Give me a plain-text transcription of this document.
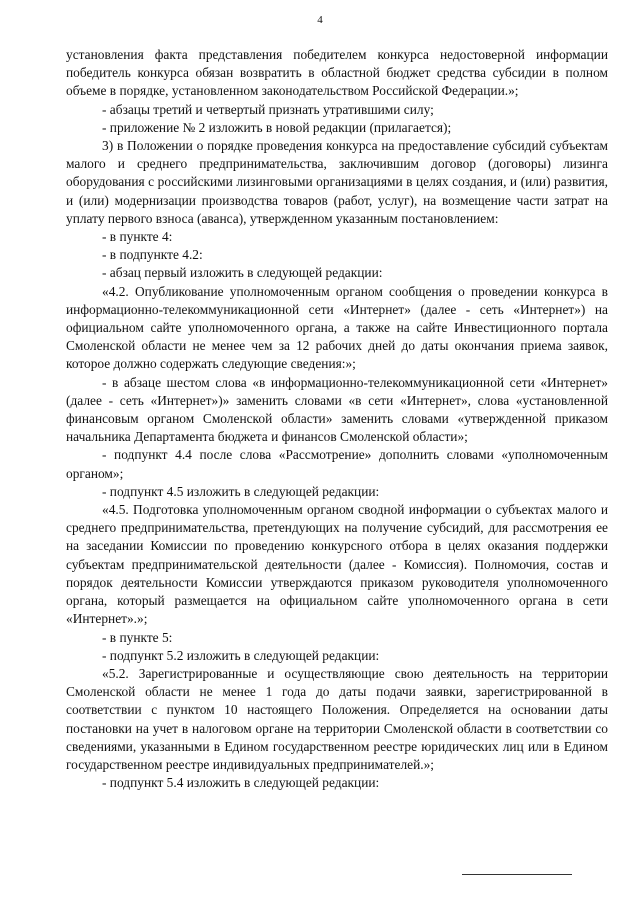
4

установления факта представления победителем конкурса недостоверной информации победитель конкурса обязан возвратить в областной бюджет средства субсидии в полном объеме в порядке, установленном законодательством Российской Федерации.»;

- абзацы третий и четвертый признать утратившими силу;

- приложение № 2 изложить в новой редакции (прилагается);

3) в Положении о порядке проведения конкурса на предоставление субсидий субъектам малого и среднего предпринимательства, заключившим договор (договоры) лизинга оборудования с российскими лизинговыми организациями в целях создания, и (или) развития, и (или) модернизации производства товаров (работ, услуг), на возмещение части затрат на уплату первого взноса (аванса), утвержденном указанным постановлением:

- в пункте 4:

- в подпункте 4.2:

- абзац первый изложить в следующей редакции:

«4.2. Опубликование уполномоченным органом сообщения о проведении конкурса в информационно-телекоммуникационной сети «Интернет» (далее - сеть «Интернет») на официальном сайте уполномоченного органа, а также на сайте Инвестиционного портала Смоленской области не менее чем за 12 рабочих дней до даты окончания приема заявок, которое должно содержать следующие сведения:»;

- в абзаце шестом слова «в информационно-телекоммуникационной сети «Интернет» (далее - сеть «Интернет»)» заменить словами «в сети «Интернет», слова «установленной финансовым органом Смоленской области» заменить словами «утвержденной приказом начальника Департамента бюджета и финансов Смоленской области»;

- подпункт 4.4 после слова «Рассмотрение» дополнить словами «уполномоченным органом»;

- подпункт 4.5 изложить в следующей редакции:

«4.5. Подготовка уполномоченным органом сводной информации о субъектах малого и среднего предпринимательства, претендующих на получение субсидий, для рассмотрения ее на заседании Комиссии по проведению конкурсного отбора в целях оказания поддержки субъектам предпринимательской деятельности (далее - Комиссия). Полномочия, состав и порядок деятельности Комиссии утверждаются приказом руководителя уполномоченного органа, который размещается на официальном сайте уполномоченного органа в сети «Интернет».»;

- в пункте 5:

- подпункт 5.2 изложить в следующей редакции:

«5.2. Зарегистрированные и осуществляющие свою деятельность на территории Смоленской области не менее 1 года до даты подачи заявки, зарегистрированной в соответствии с пунктом 10 настоящего Положения. Определяется на основании даты постановки на учет в налоговом органе на территории Смоленской области в соответствии со сведениями, указанными в Едином государственном реестре юридических лиц или в Едином государственном реестре индивидуальных предпринимателей.»;

- подпункт 5.4 изложить в следующей редакции:
